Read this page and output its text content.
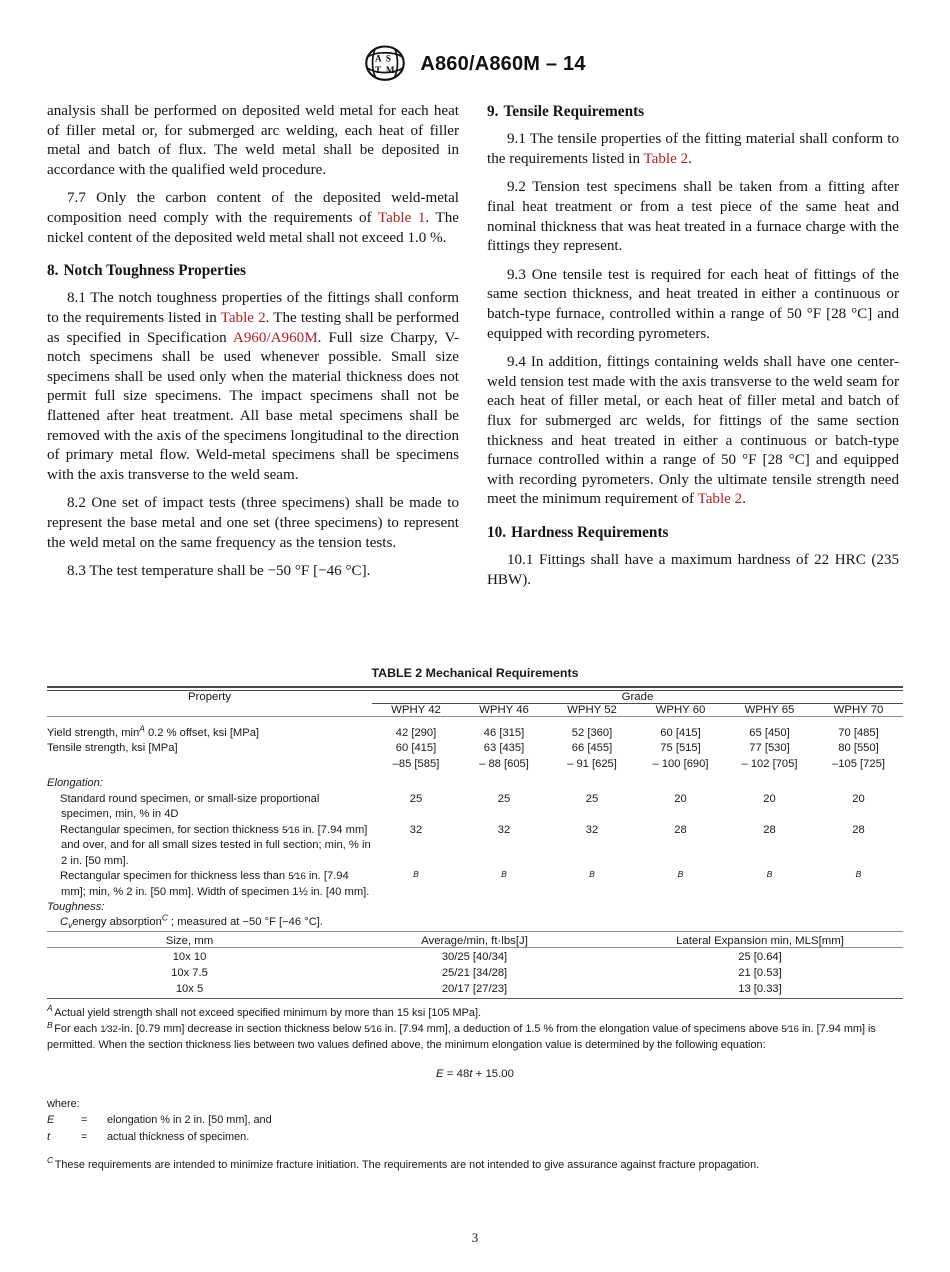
A S
T M A860/A860M – 14

analysis shall be performed on deposited weld metal for each heat of filler metal or, for submerged arc welding, each heat of filler metal and batch of flux. The weld metal shall be deposited in accordance with the qualified weld procedure.

7.7 Only the carbon content of the deposited weld-metal composition need comply with the requirements of Table 1. The nickel content of the deposited weld metal shall not exceed 1.0 %.

8. Notch Toughness Properties

8.1 The notch toughness properties of the fittings shall conform to the requirements listed in Table 2. The testing shall be performed as specified in Specification A960/A960M. Full size Charpy, V-notch specimens shall be used whenever possible. Small size specimens shall be used only when the material thickness does not permit full size specimens. The impact specimens shall not be flattened after heat treatment. All base metal specimens shall be removed with the axis of the specimens longitudinal to the direction of primary metal flow. Weld-metal specimens shall be specimens with the axis transverse to the weld seam.

8.2 One set of impact tests (three specimens) shall be made to represent the base metal and one set (three specimens) to represent the weld metal on the same frequency as the tension tests.

8.3 The test temperature shall be −50 °F [−46 °C].

9. Tensile Requirements

9.1 The tensile properties of the fitting material shall conform to the requirements listed in Table 2.

9.2 Tension test specimens shall be taken from a fitting after final heat treatment or from a test piece of the same heat and nominal thickness that was heat treated in a furnace charge with the fittings they represent.

9.3 One tensile test is required for each heat of fittings of the same section thickness, and heat treated in either a continuous or batch-type furnace, controlled within a range of 50 °F [28 °C] and equipped with recording pyrometers.

9.4 In addition, fittings containing welds shall have one center-weld tension test made with the axis transverse to the weld seam for each heat of filler metal, or each heat of filler metal and batch of flux for submerged arc welds, for fittings of the same section thickness and heat treated in either a continuous or batch-type furnace controlled within a range of 50 °F [28 °C] and equipped with recording pyrometers. Only the ultimate tensile strength need meet the minimum requirement of Table 2.

10. Hardness Requirements

10.1 Fittings shall have a maximum hardness of 22 HRC (235 HBW).

TABLE 2 Mechanical Requirements

Property	Grade					
	WPHY 42	WPHY 46	WPHY 52	WPHY 60	WPHY 65	WPHY 70

Yield strength, min$^A$ 0.2 % offset, ksi [MPa]	42 [290]	46 [315]	52 [360]	60 [415]	65 [450]	70 [485]
Tensile strength, ksi [MPa]	60 [415]	63 [435]	66 [455]	75 [515]	77 [530]	80 [550]
	–85 [585]	– 88 [605]	– 91 [625]	– 100 [690]	– 102 [705]	–105 [725]
Elongation:						

Standard round specimen, or small-size proportional specimen, min, % in 4D	25	25	25	20	20	20

Rectangular specimen, for section thickness 5⁄16 in. [7.94 mm] and over, and for all small sizes tested in full section; min, % in 2 in. [50 mm].	32	32	32	28	28	28

Rectangular specimen for thickness less than 5⁄16 in. [7.94 mm]; min, % 2 in. [50 mm]. Width of specimen 1½ in. [40 mm].	B	B	B	B	B	B
Toughness:						

$C_venergy$ absorption$^C$ ; measured at −50 °F [−46 °C].						

Size, mm	Average/min, ft·lbs[J]	Lateral Expansion min, MLS[mm]

10x 10	30/25 [40/34]	25 [0.64]
10x 7.5	25/21 [34/28]	21 [0.53]
10x 5	20/17 [27/23]	13 [0.33]

$^A$ Actual yield strength shall not exceed specified minimum by more than 15 ksi [105 MPa].

$^B$ For each 1⁄32-in. [0.79 mm] decrease in section thickness below 5⁄16 in. [7.94 mm], a deduction of 1.5 % from the elongation value of specimens above 5⁄16 in. [7.94 mm] is permitted. When the section thickness lies between two values defined above, the minimum elongation value is determined by the following equation:

E = 48t + 15.00

where:

E	=	elongation % in 2 in. [50 mm], and
t	=	actual thickness of specimen.

$^C$ These requirements are intended to minimize fracture initiation. The requirements are not intended to give assurance against fracture propagation.

3
